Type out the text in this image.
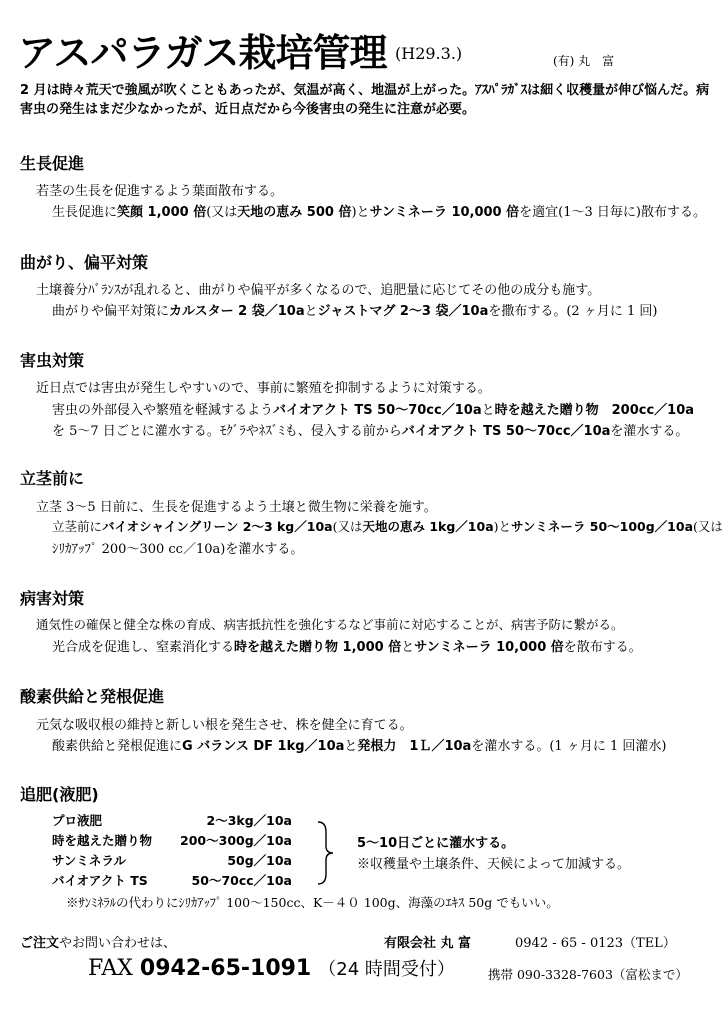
アスパラガス栽培管理 (H29.3.)	(有) 丸　富
2 月は時々荒天で強風が吹くこともあったが、気温が高く、地温が上がった。ｱｽﾊﾟﾗｶﾞｽは細く収穫量が伸び悩んだ。病害虫の発生はまだ少なかったが、近日点だから今後害虫の発生に注意が必要。
生長促進
若茎の生長を促進するよう葉面散布する。
生長促進に笑顔 1,000 倍(又は天地の恵み 500 倍)とサンミネーラ 10,000 倍を適宜(1～3 日毎に)散布する。
曲がり、偏平対策
土壌養分ﾊﾞﾗﾝｽが乱れると、曲がりや偏平が多くなるので、追肥量に応じてその他の成分も施す。
曲がりや偏平対策にカルスター 2 袋／10aとジャストマグ 2～3 袋／10aを撒布する。(2 ヶ月に 1 回)
害虫対策
近日点では害虫が発生しやすいので、事前に繁殖を抑制するように対策する。
害虫の外部侵入や繁殖を軽減するようバイオアクト TS 50～70cc／10aと時を越えた贈り物　200cc／10a
を 5～7 日ごとに灌水する。ﾓｸﾞﾗやﾈｽﾞﾐも、侵入する前からバイオアクト TS 50～70cc／10aを灌水する。
立茎前に
立茎 3～5 日前に、生長を促進するよう土壌と微生物に栄養を施す。
立茎前にバイオシャイングリーン 2～3 kg／10a(又は天地の恵み 1kg／10a)とサンミネーラ 50～100g／10a(又は
ｼﾘｶｱｯﾌﾟ 200～300 cc／10a)を灌水する。
病害対策
通気性の確保と健全な株の育成、病害抵抗性を強化するなど事前に対応することが、病害予防に繋がる。
光合成を促進し、窒素消化する時を越えた贈り物 1,000 倍とサンミネーラ 10,000 倍を散布する。
酸素供給と発根促進
元気な吸収根の維持と新しい根を発生させ、株を健全に育てる。
酸素供給と発根促進にG バランス DF 1kg／10aと発根力　1Ｌ／10aを灌水する。(1 ヶ月に 1 回灌水)
追肥(液肥)
プロ液肥	2～3kg／10a
時を越えた贈り物	200～300g／10a
サンミネラル	50g／10a
バイオアクト TS	50～70cc／10a
5～10日ごとに灌水する。
※収穫量や土壌条件、天候によって加減する。
※ｻﾝﾐﾈﾗﾙの代わりにｼﾘｶｱｯﾌﾟ 100～150cc、K－４０ 100g、海藻のｴｷｽ 50g でもいい。
ご注文やお問い合わせは、	有限会社 丸 富	0942 - 65 - 0123（TEL）
FAX 0942-65-1091 （24 時間受付）	携帯 090-3328-7603（富松まで）
